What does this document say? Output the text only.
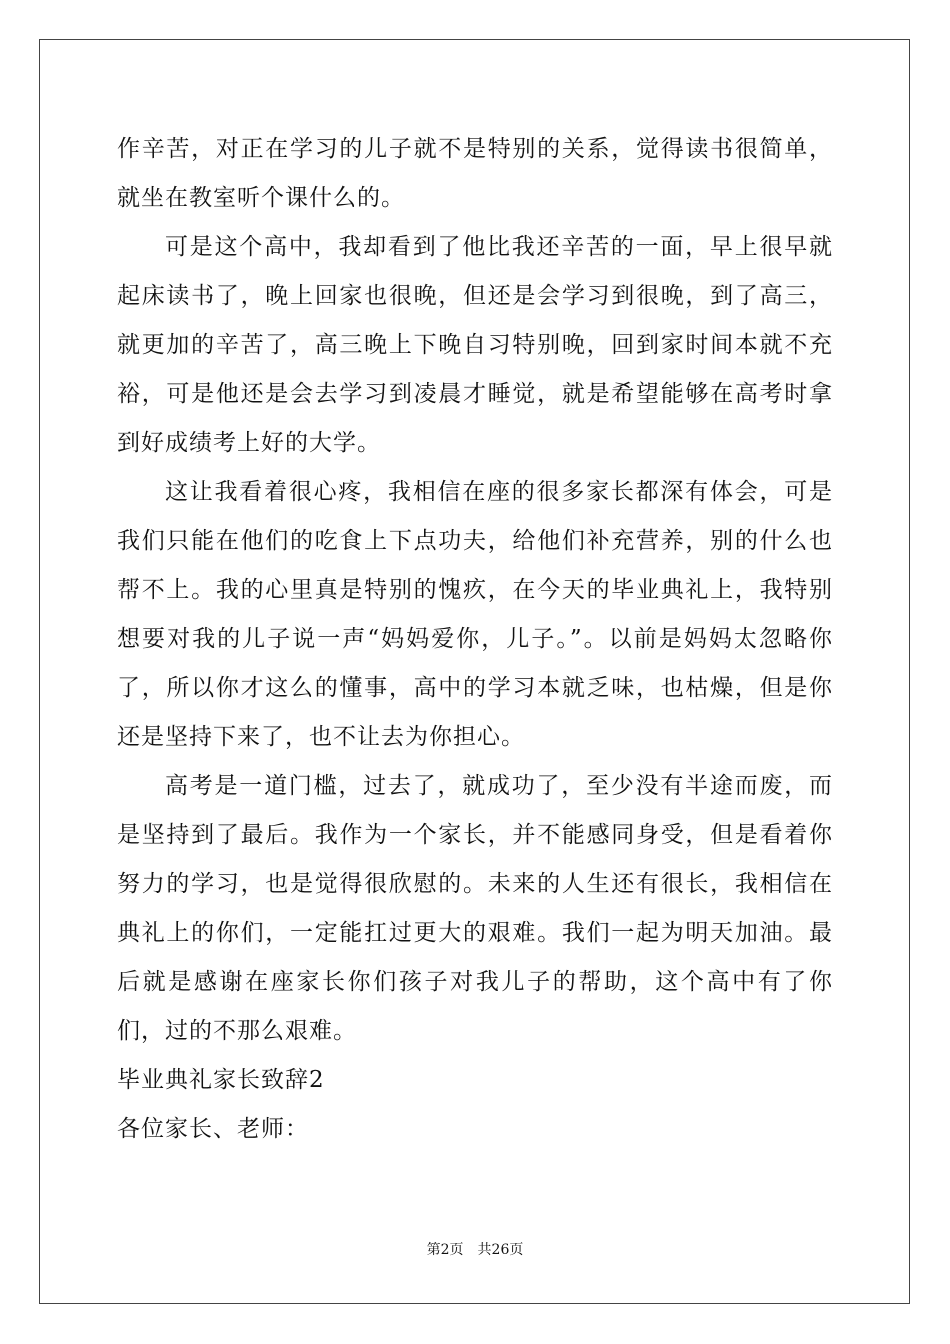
作辛苦，对正在学习的儿子就不是特别的关系，觉得读书很简单，就坐在教室听个课什么的。

可是这个高中，我却看到了他比我还辛苦的一面，早上很早就起床读书了，晚上回家也很晚，但还是会学习到很晚，到了高三，就更加的辛苦了，高三晚上下晚自习特别晚，回到家时间本就不充裕，可是他还是会去学习到凌晨才睡觉，就是希望能够在高考时拿到好成绩考上好的大学。

这让我看着很心疼，我相信在座的很多家长都深有体会，可是我们只能在他们的吃食上下点功夫，给他们补充营养，别的什么也帮不上。我的心里真是特别的愧疚，在今天的毕业典礼上，我特别想要对我的儿子说一声“妈妈爱你，儿子。”。以前是妈妈太忽略你了，所以你才这么的懂事，高中的学习本就乏味，也枯燥，但是你还是坚持下来了，也不让去为你担心。

高考是一道门槛，过去了，就成功了，至少没有半途而废，而是坚持到了最后。我作为一个家长，并不能感同身受，但是看着你努力的学习，也是觉得很欣慰的。未来的人生还有很长，我相信在典礼上的你们，一定能扛过更大的艰难。我们一起为明天加油。最后就是感谢在座家长你们孩子对我儿子的帮助，这个高中有了你们，过的不那么艰难。

毕业典礼家长致辞2

各位家长、老师：

第2页 共26页
